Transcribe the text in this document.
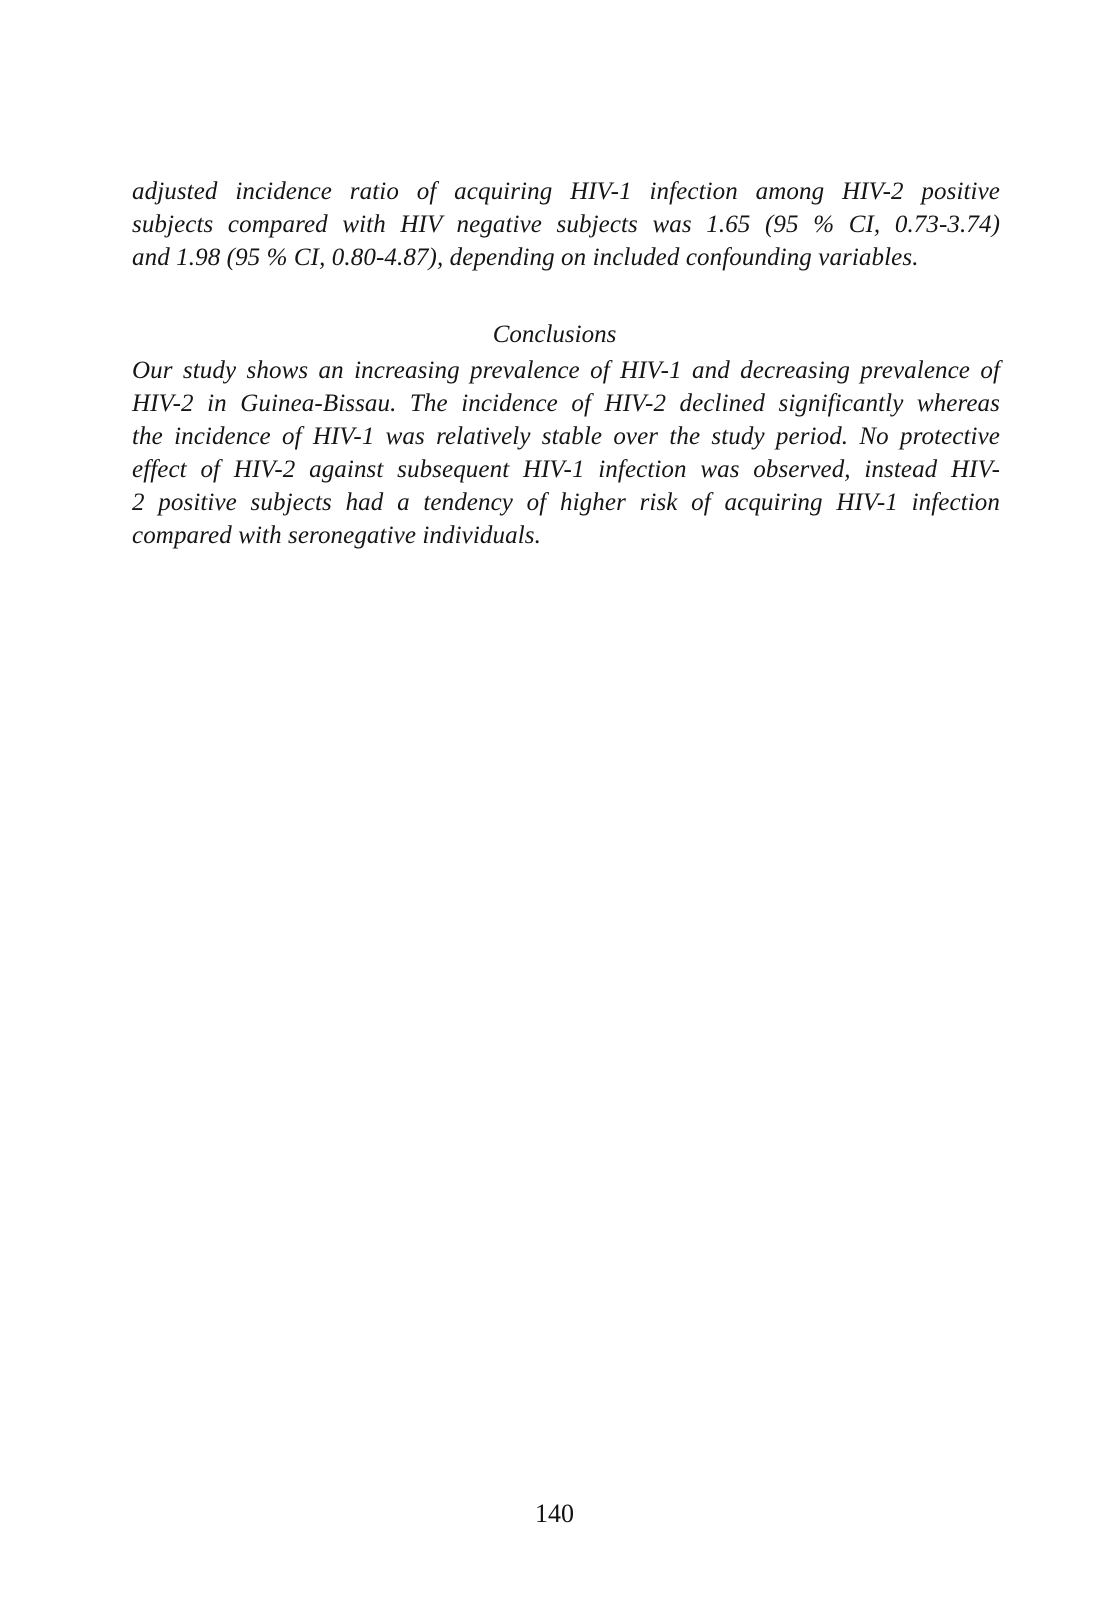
adjusted incidence ratio of acquiring HIV-1 infection among HIV-2 positive
subjects compared with HIV negative subjects was 1.65 (95 % CI, 0.73-3.74)
and 1.98 (95 % CI, 0.80-4.87), depending on included confounding variables.
Conclusions
Our study shows an increasing prevalence of HIV-1 and decreasing prevalence of
HIV-2 in Guinea-Bissau. The incidence of HIV-2 declined significantly whereas
the incidence of HIV-1 was relatively stable over the study period. No protective
effect of HIV-2 against subsequent HIV-1 infection was observed, instead HIV-
2 positive subjects had a tendency of higher risk of acquiring HIV-1 infection
compared with seronegative individuals.
140
